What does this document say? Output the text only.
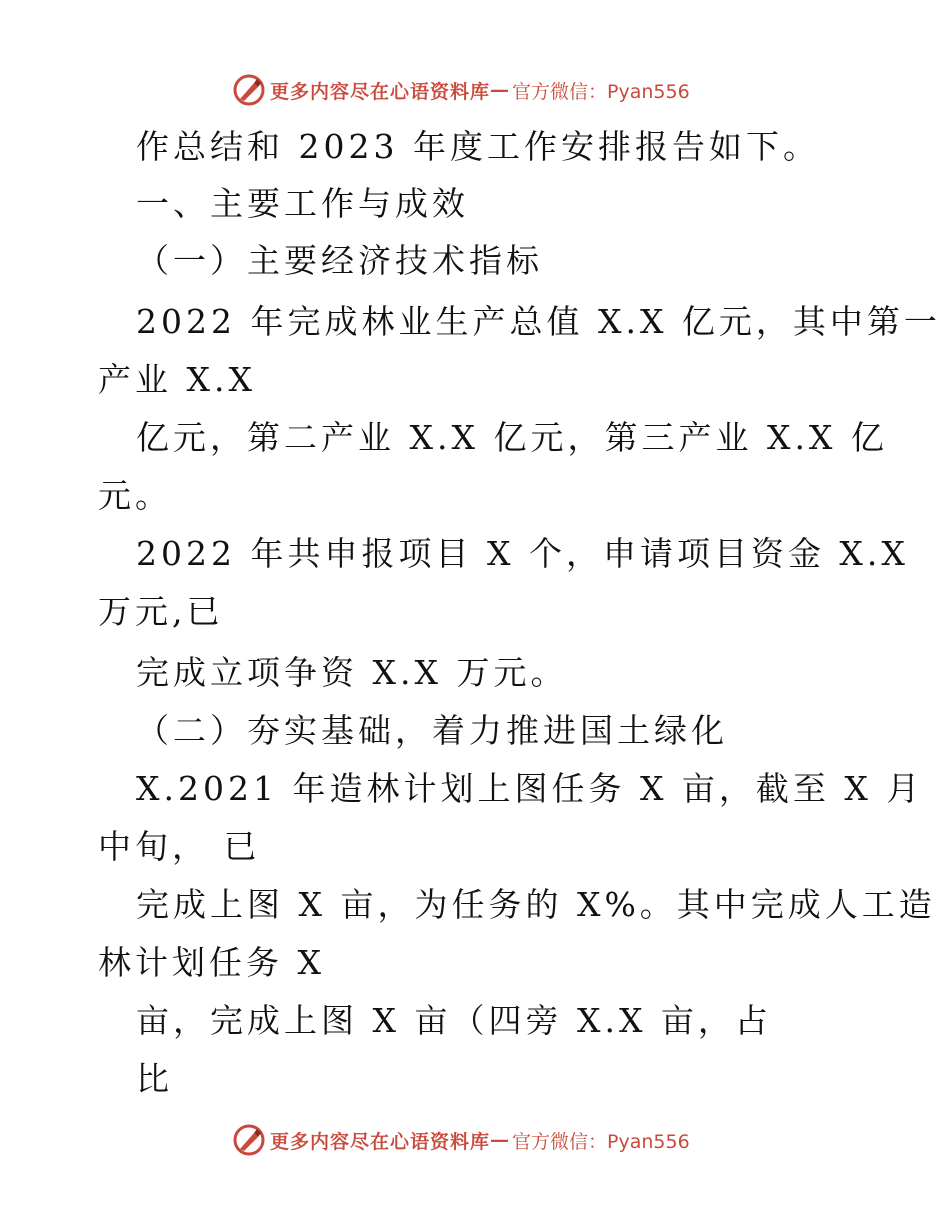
更多内容尽在心语资料库 — 官方微信：Pyan556
作总结和 2023 年度工作安排报告如下。
一、主要工作与成效
（一）主要经济技术指标
2022 年完成林业生产总值 X.X 亿元，其中第一
产业 X.X
亿元，第二产业 X.X 亿元，第三产业 X.X 亿
元。
2022 年共申报项目 X 个，申请项目资金 X.X
万元,已
完成立项争资 X.X 万元。
（二）夯实基础，着力推进国土绿化
X.2021 年造林计划上图任务 X 亩，截至 X 月
中旬， 已
完成上图 X 亩，为任务的 X%。其中完成人工造
林计划任务 X
亩，完成上图 X 亩（四旁 X.X 亩，占
比
更多内容尽在心语资料库 — 官方微信：Pyan556
